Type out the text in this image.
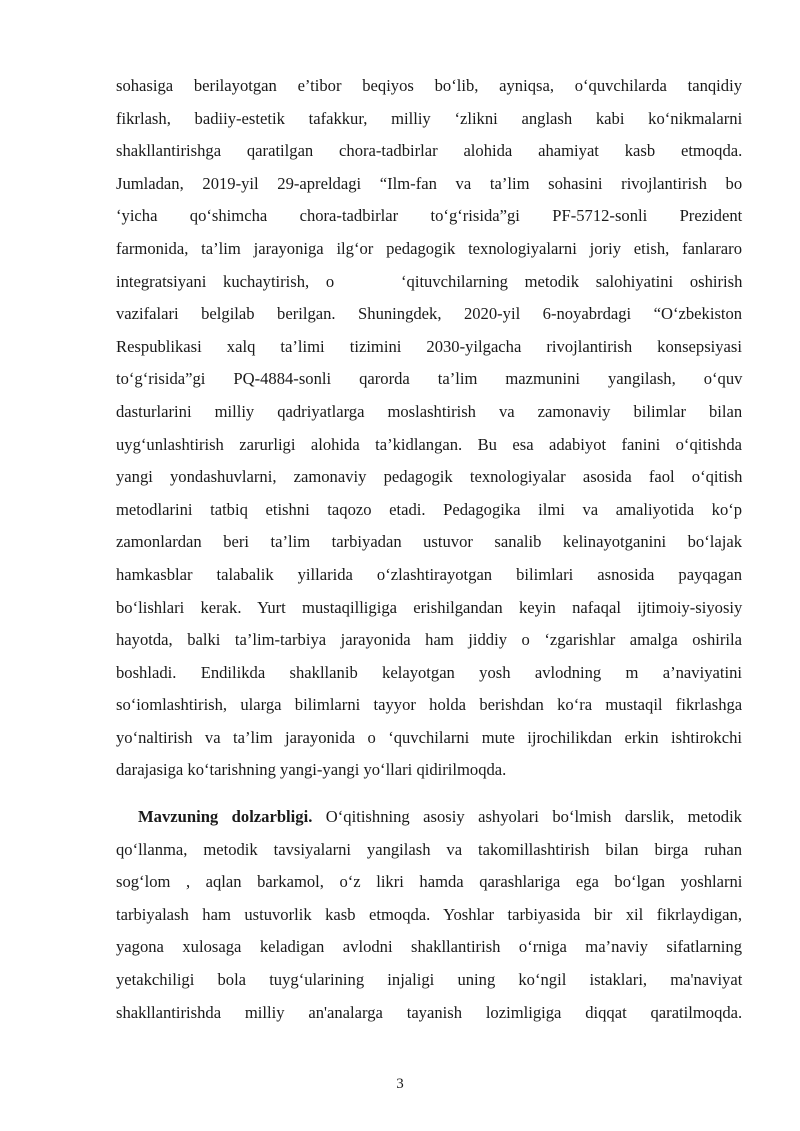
sohasiga berilayotgan e’tibor beqiyos bo‘lib, ayniqsa, o‘quvchilarda tanqidiy
fikrlash, badiiy-estetik tafakkur, milliy ‘zlikni anglash kabi ko‘nikmalarni
shakllantirishga qaratilgan chora-tadbirlar alohida ahamiyat kasb etmoqda.
Jumladan, 2019-yil 29-apreldagi “Ilm-fan va ta’lim sohasini rivojlantirish bo
‘yicha qo‘shimcha chora-tadbirlar to‘g‘risida”gi PF-5712-sonli Prezident
farmonida, ta’lim jarayoniga ilg‘or pedagogik texnologiyalarni joriy etish, fanlararo
integratsiyani kuchaytirish, o    ‘qituvchilarning metodik salohiyatini oshirish
vazifalari belgilab berilgan. Shuningdek, 2020-yil 6-noyabrdagi “O‘zbekiston
Respublikasi xalq ta’limi tizimini 2030-yilgacha rivojlantirish konsepsiyasi
to‘g‘risida”gi PQ-4884-sonli qarorda ta’lim mazmunini yangilash, o‘quv
dasturlarini milliy qadriyatlarga moslashtirish va zamonaviy bilimlar bilan
uyg‘unlashtirish zarurligi alohida ta’kidlangan. Bu esa adabiyot fanini o‘qitishda
yangi yondashuvlarni, zamonaviy pedagogik texnologiyalar asosida faol o‘qitish
metodlarini tatbiq etishni taqozo etadi. Pedagogika ilmi va amaliyotida ko‘p
zamonlardan beri ta’lim tarbiyadan ustuvor sanalib kelinayotganini bo‘lajak
hamkasblar talabalik yillarida o‘zlashtirayotgan bilimlari asnosida payqagan
bo‘lishlari kerak. Yurt mustaqilligiga erishilgandan keyin nafaqal ijtimoiy-siyosiy
hayotda, balki ta’lim-tarbiya jarayonida ham jiddiy o ‘zgarishlar amalga oshirila
boshladi. Endilikda shakllanib kelayotgan yosh avlodning m a’naviyatini
so‘iomlashtirish, ularga bilimlarni tayyor holda berishdan ko‘ra mustaqil fikrlashga
yo‘naltirish va ta’lim jarayonida o ‘quvchilarni mute ijrochilikdan erkin ishtirokchi
darajasiga ko‘tarishning yangi-yangi yo‘llari qidirilmoqda.
Mavzuning dolzarbligi. O‘qitishning asosiy ashyolari bo‘lmish darslik, metodik
qo‘llanma, metodik tavsiyalarni yangilash va takomillashtirish bilan birga ruhan
sog‘lom , aqlan barkamol, o‘z likri hamda qarashlariga ega bo‘lgan yoshlarni
tarbiyalash ham ustuvorlik kasb etmoqda. Yoshlar tarbiyasida bir xil fikrlaydigan,
yagona xulosaga keladigan avlodni shakllantirish o‘rniga ma’naviy sifatlarning
yetakchiligi bola tuyg‘ularining injaligi uning ko‘ngil istaklari, ma'naviyat
shakllantirishda milliy an'analarga tayanish lozimligiga diqqat qaratilmoqda.
3
